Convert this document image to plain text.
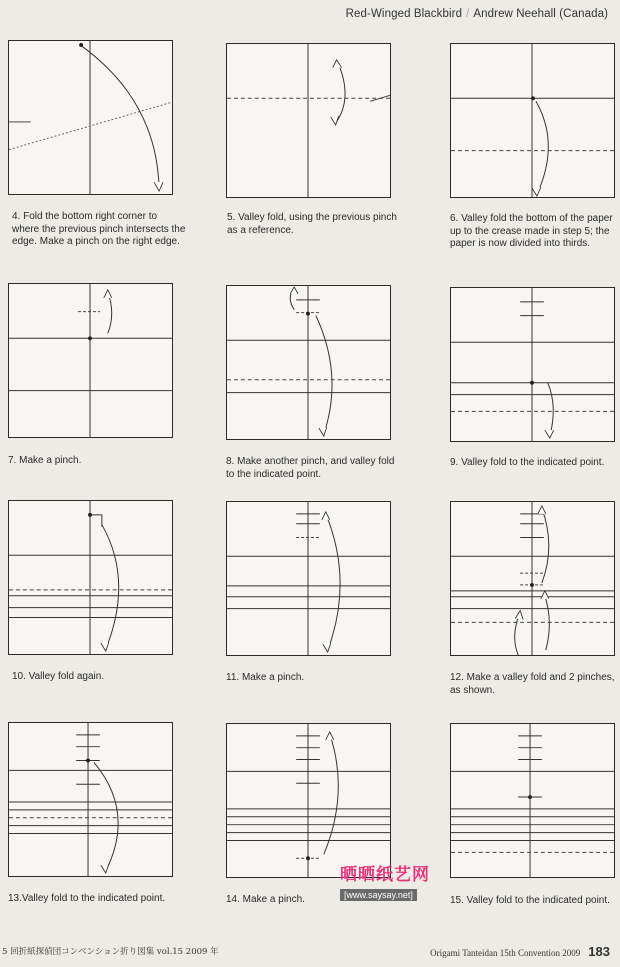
Red-Winged Blackbird / Andrew Neehall (Canada)
4. Fold the bottom right corner to where the previous pinch intersects the edge. Make a pinch on the right edge.
5. Valley fold, using the previous pinch as a reference.
6. Valley fold the bottom of the paper up to the crease made in step 5; the paper is now divided into thirds.
7. Make a pinch.	8. Make another pinch, and valley fold to the indicated point.
9. Valley fold to the indicated point.
10. Valley fold again.	11. Make a pinch.	12. Make a valley fold and 2 pinches, as shown.
13.Valley fold to the indicated point.	14. Make a pinch.	15. Valley fold to the indicated point.
晒晒纸艺网
[www.saysay.net]
5 回折紙探偵団コンベンション折り図集 vol.15 2009 年	Origami Tanteidan 15th Convention 2009 183
